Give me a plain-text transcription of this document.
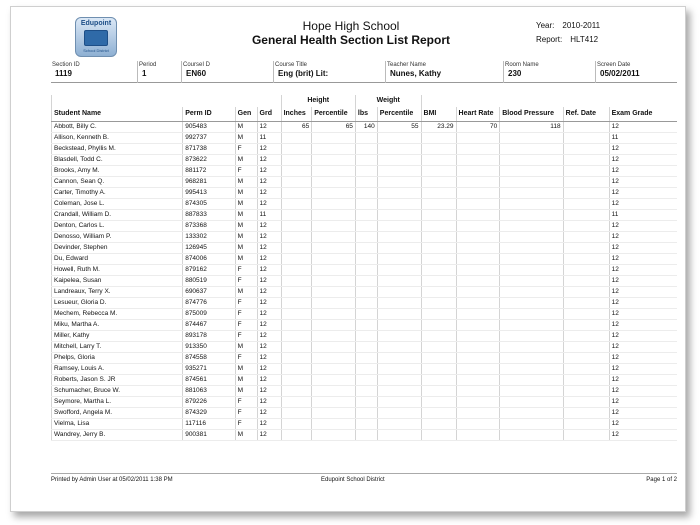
Edupoint
School District
Hope High School
General Health Section List Report
Year: 2010-2011
Report: HLT412
Section ID
1119
Period
1
CourseI D
EN60
Course Title
Eng (brit) Lit:
Teacher Name
Nunes, Kathy
Room Name
230
Screen Date
05/02/2011
				Height		Weight						
Student Name	Perm ID	Gen	Grd	Inches	Percentile	lbs	Percentile	BMI	Heart Rate	Blood Pressure	Ref. Date	Exam Grade
Abbott, Billy C.	905483	M	12	65	65	140	55	23.29	70	118		12
Allison, Kenneth B.	992737	M	11									11
Beckstead, Phyllis M.	871738	F	12									12
Blasdell, Todd C.	873622	M	12									12
Brooks, Amy M.	881172	F	12									12
Cannon, Sean Q.	968281	M	12									12
Carter, Timothy A.	995413	M	12									12
Coleman, Jose L.	874305	M	12									12
Crandall, William D.	887833	M	11									11
Denton, Carlos L.	873368	M	12									12
Denosso, William P.	133302	M	12									12
Devinder, Stephen	126945	M	12									12
Du, Edward	874006	M	12									12
Howell, Ruth M.	879162	F	12									12
Kaipelea, Susan	880519	F	12									12
Landreaux, Terry X.	690637	M	12									12
Lesueur, Gloria D.	874776	F	12									12
Mechem, Rebecca M.	875009	F	12									12
Miku, Martha A.	874467	F	12									12
Miller, Kathy	893178	F	12									12
Mitchell, Larry T.	913350	M	12									12
Phelps, Gloria	874558	F	12									12
Ramsey, Louis A.	935271	M	12									12
Roberts, Jason S. JR	874561	M	12									12
Schumacher, Bruce W.	881063	M	12									12
Seymore, Martha L.	879226	F	12									12
Swofford, Angela M.	874329	F	12									12
Vielma, Lisa	117116	F	12									12
Wandrey, Jerry B.	900381	M	12									12
Printed by Admin User at 05/02/2011 1:38 PM	Edupoint School District	Page 1 of 2
